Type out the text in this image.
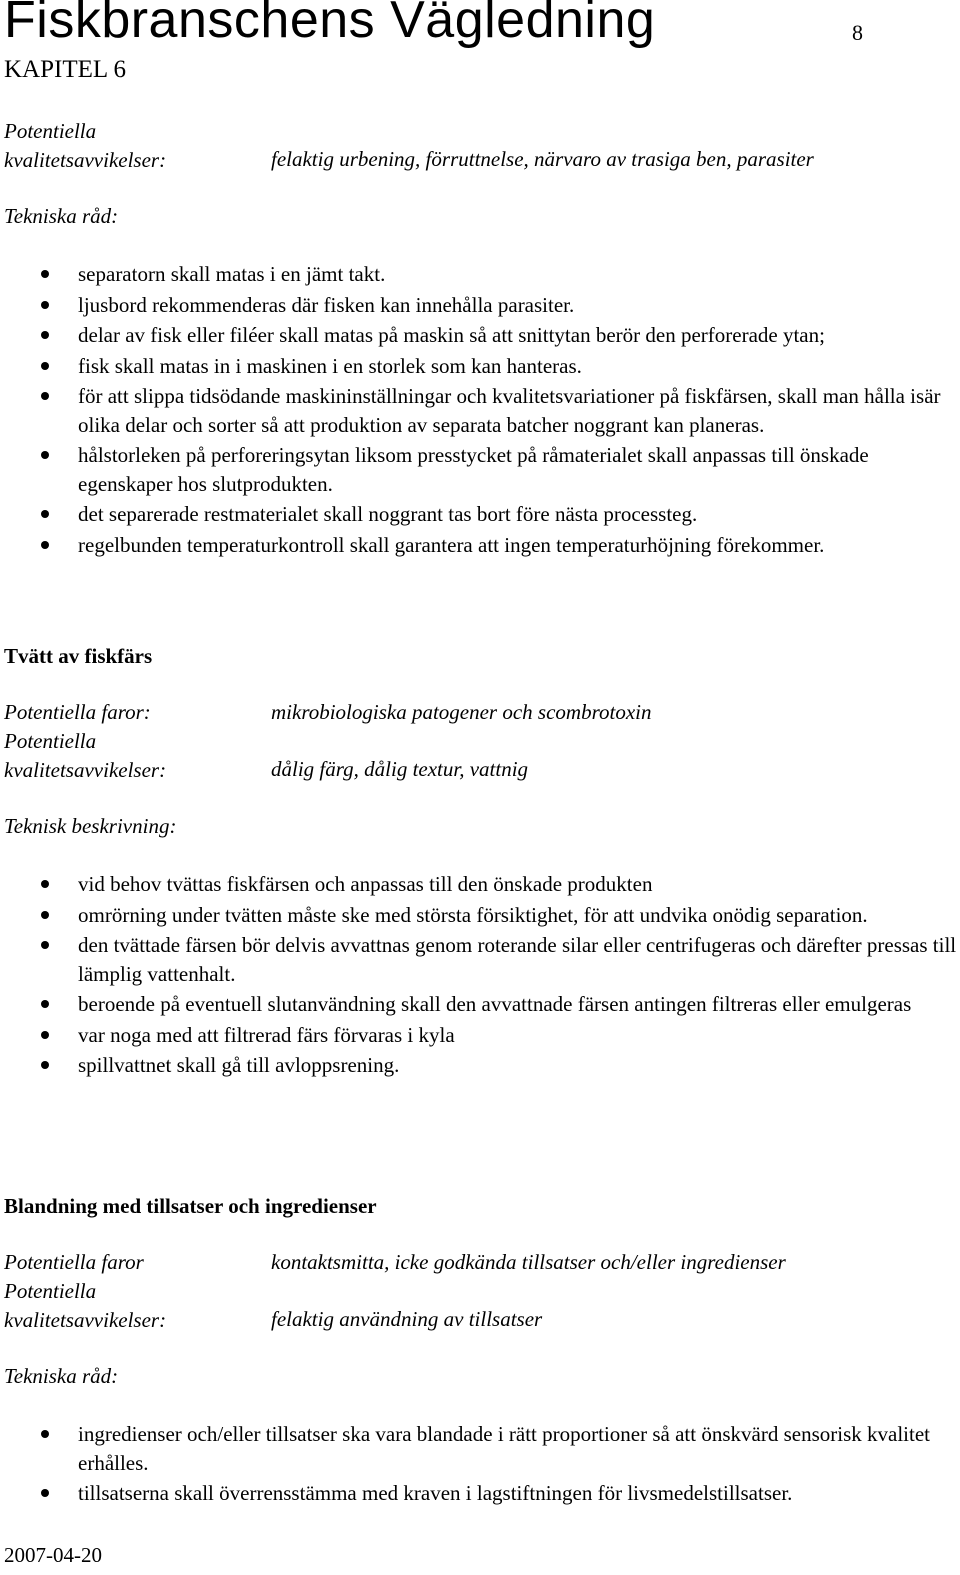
Fiskbranschens Vägledning	8
KAPITEL 6
Potentiella
kvalitetsavvikelser:	felaktig urbening, förruttnelse, närvaro av trasiga ben, parasiter
Tekniska råd:
separatorn skall matas i en jämt takt.
ljusbord rekommenderas där fisken kan innehålla parasiter.
delar av fisk eller filéer skall matas på maskin så att snittytan berör den perforerade ytan;
fisk skall matas in i maskinen i en storlek som kan hanteras.
för att slippa tidsödande maskininställningar och kvalitetsvariationer på fiskfärsen, skall man hålla isär olika delar och sorter så att produktion av separata batcher noggrant kan planeras.
hålstorleken på perforeringsytan liksom presstycket på råmaterialet skall anpassas till önskade egenskaper hos slutprodukten.
det separerade restmaterialet skall noggrant tas bort före nästa processteg.
regelbunden temperaturkontroll skall garantera att ingen temperaturhöjning förekommer.
Tvätt av fiskfärs
Potentiella faror:	mikrobiologiska patogener och scombrotoxin
Potentiella
kvalitetsavvikelser:	dålig färg, dålig textur, vattnig
Teknisk beskrivning:
vid behov tvättas fiskfärsen och anpassas till den önskade produkten
omrörning under tvätten måste ske med största försiktighet, för att undvika onödig separation.
den tvättade färsen bör delvis avvattnas genom roterande silar eller centrifugeras och därefter pressas till lämplig vattenhalt.
beroende på eventuell slutanvändning skall den avvattnade färsen antingen filtreras eller emulgeras
var noga med att filtrerad färs förvaras i kyla
spillvattnet skall gå till avloppsrening.
Blandning med tillsatser och ingredienser
Potentiella faror	kontaktsmitta, icke godkända tillsatser och/eller ingredienser
Potentiella
kvalitetsavvikelser:	felaktig användning av tillsatser
Tekniska råd:
ingredienser och/eller tillsatser ska vara blandade i rätt proportioner så att önskvärd sensorisk kvalitet erhålles.
tillsatserna skall överrensstämma med kraven i lagstiftningen för livsmedelstillsatser.
2007-04-20
